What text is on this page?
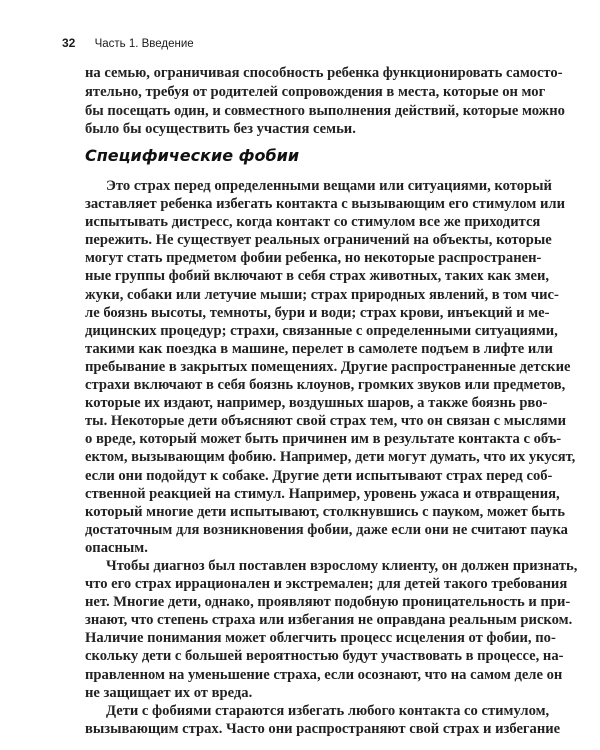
32 Часть 1. Введение
на семью, ограничивая способность ребенка функционировать самосто-
ятельно, требуя от родителей сопровождения в места, которые он мог
бы посещать один, и совместного выполнения действий, которые можно
было бы осуществить без участия семьи.
Специфические фобии
Это страх перед определенными вещами или ситуациями, который
заставляет ребенка избегать контакта с вызывающим его стимулом или
испытывать дистресс, когда контакт со стимулом все же приходится
пережить. Не существует реальных ограничений на объекты, которые
могут стать предметом фобии ребенка, но некоторые распространен-
ные группы фобий включают в себя страх животных, таких как змеи,
жуки, собаки или летучие мыши; страх природных явлений, в том чис-
ле боязнь высоты, темноты, бури и води; страх крови, инъекций и ме-
дицинских процедур; страхи, связанные с определенными ситуациями,
такими как поездка в машине, перелет в самолете подъем в лифте или
пребывание в закрытых помещениях. Другие распространенные детские
страхи включают в себя боязнь клоунов, громких звуков или предметов,
которые их издают, например, воздушных шаров, а также боязнь рво-
ты. Некоторые дети объясняют свой страх тем, что он связан с мыслями
о вреде, который может быть причинен им в результате контакта с объ-
ектом, вызывающим фобию. Например, дети могут думать, что их укусят,
если они подойдут к собаке. Другие дети испытывают страх перед соб-
ственной реакцией на стимул. Например, уровень ужаса и отвращения,
который многие дети испытывают, столкнувшись с пауком, может быть
достаточным для возникновения фобии, даже если они не считают паука
опасным.
Чтобы диагноз был поставлен взрослому клиенту, он должен признать,
что его страх иррационален и экстремален; для детей такого требования
нет. Многие дети, однако, проявляют подобную проницательность и при-
знают, что степень страха или избегания не оправдана реальным риском.
Наличие понимания может облегчить процесс исцеления от фобии, по-
скольку дети с большей вероятностью будут участвовать в процессе, на-
правленном на уменьшение страха, если осознают, что на самом деле он
не защищает их от вреда.
Дети с фобиями стараются избегать любого контакта со стимулом,
вызывающим страх. Часто они распространяют свой страх и избегание
